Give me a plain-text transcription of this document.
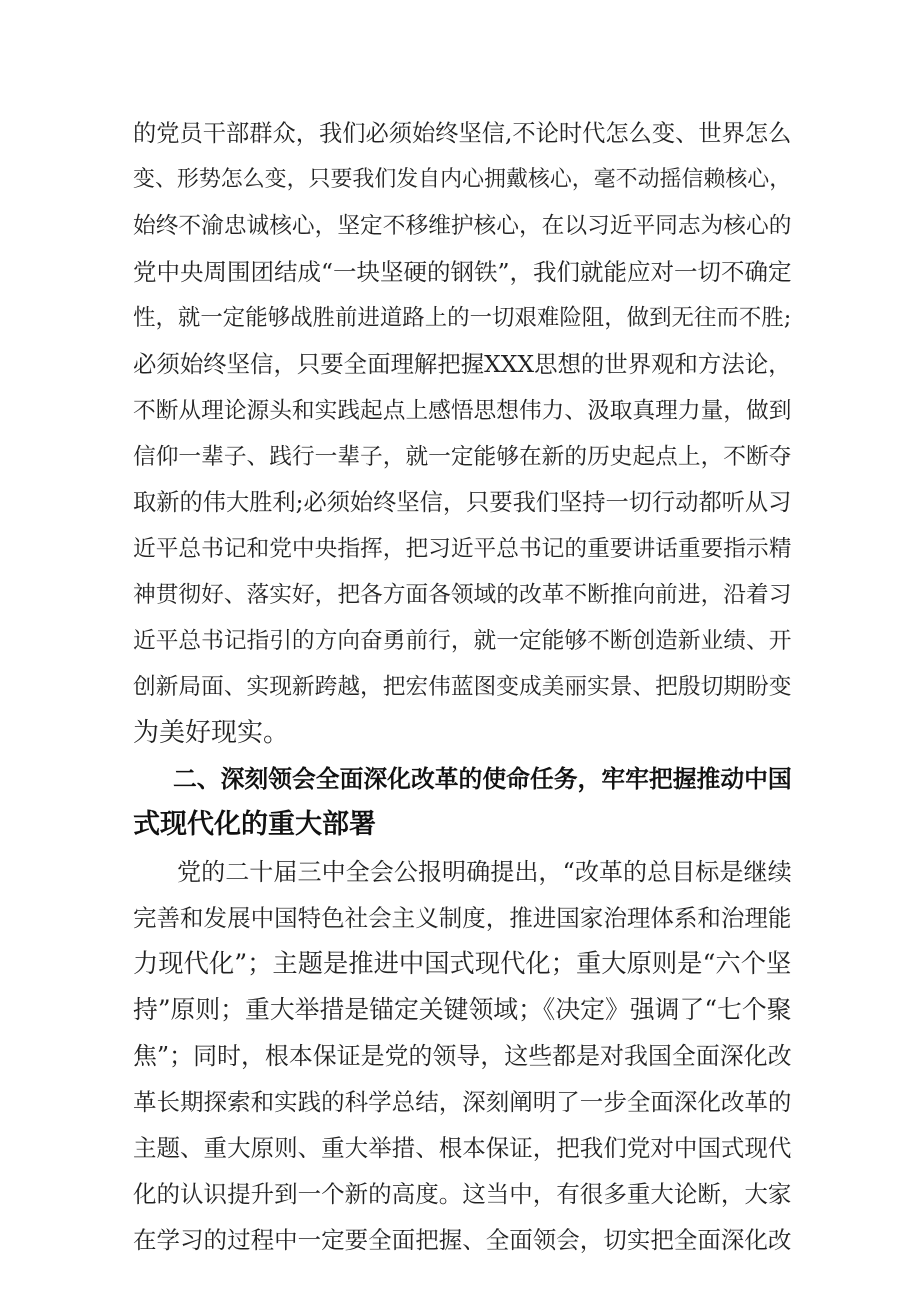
的党员干部群众，我们必须始终坚信,不论时代怎么变、世界怎么
变、形势怎么变，只要我们发自内心拥戴核心，毫不动摇信赖核心，
始终不渝忠诚核心，坚定不移维护核心，在以习近平同志为核心的
党中央周围团结成“一块坚硬的钢铁”，我们就能应对一切不确定
性，就一定能够战胜前进道路上的一切艰难险阻，做到无往而不胜;
必须始终坚信，只要全面理解把握XXX思想的世界观和方法论，
不断从理论源头和实践起点上感悟思想伟力、汲取真理力量，做到
信仰一辈子、践行一辈子，就一定能够在新的历史起点上，不断夺
取新的伟大胜利;必须始终坚信，只要我们坚持一切行动都听从习
近平总书记和党中央指挥，把习近平总书记的重要讲话重要指示精
神贯彻好、落实好，把各方面各领域的改革不断推向前进，沿着习
近平总书记指引的方向奋勇前行，就一定能够不断创造新业绩、开
创新局面、实现新跨越，把宏伟蓝图变成美丽实景、把殷切期盼变
为美好现实。
二、深刻领会全面深化改革的使命任务，牢牢把握推动中国
式现代化的重大部署
党的二十届三中全会公报明确提出，“改革的总目标是继续
完善和发展中国特色社会主义制度，推进国家治理体系和治理能
力现代化”；主题是推进中国式现代化；重大原则是“六个坚
持”原则；重大举措是锚定关键领域；《决定》强调了“七个聚
焦”；同时，根本保证是党的领导，这些都是对我国全面深化改
革长期探索和实践的科学总结，深刻阐明了一步全面深化改革的
主题、重大原则、重大举措、根本保证，把我们党对中国式现代
化的认识提升到一个新的高度。这当中，有很多重大论断，大家
在学习的过程中一定要全面把握、全面领会，切实把全面深化改
